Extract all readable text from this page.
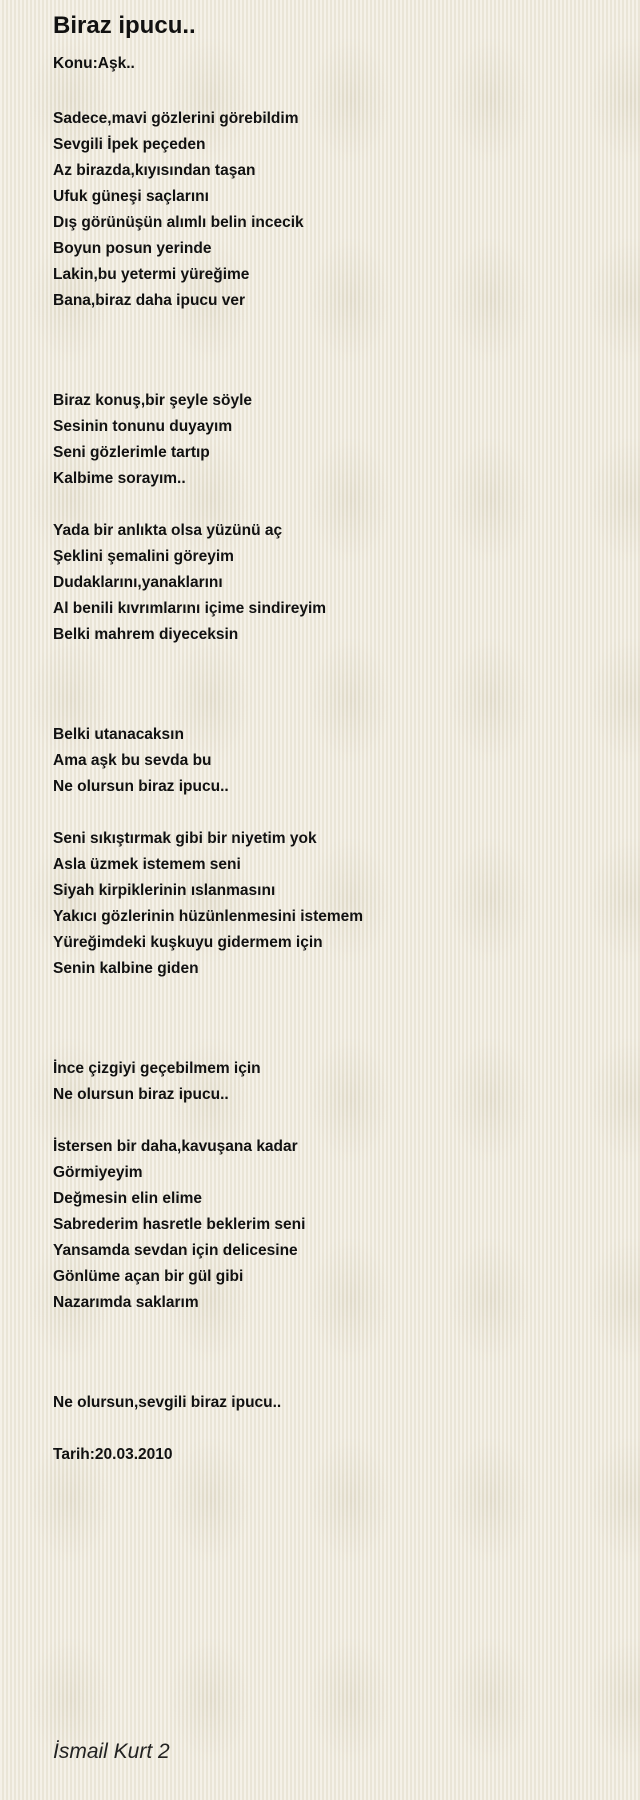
Biraz ipucu..
Konu:Aşk..
Sadece,mavi gözlerini görebildim
Sevgili İpek peçeden
Az birazda,kıyısından taşan
Ufuk güneşi saçlarını
Dış görünüşün alımlı belin incecik
Boyun posun yerinde
Lakin,bu yetermi yüreğime
Bana,biraz daha ipucu ver
Biraz konuş,bir şeyle söyle
Sesinin tonunu duyayım
Seni gözlerimle tartıp
Kalbime sorayım..
Yada bir anlıkta olsa yüzünü aç
Şeklini şemalini göreyim
Dudaklarını,yanaklarını
Al benili kıvrımlarını içime sindireyim
Belki mahrem diyeceksin
Belki utanacaksın
Ama aşk bu sevda bu
Ne olursun biraz ipucu..
Seni sıkıştırmak gibi bir niyetim yok
Asla üzmek istemem seni
Siyah kirpiklerinin ıslanmasını
Yakıcı gözlerinin hüzünlenmesini istemem
Yüreğimdeki kuşkuyu gidermem için
Senin kalbine giden
İnce çizgiyi geçebilmem için
Ne olursun biraz ipucu..
İstersen bir daha,kavuşana kadar
Görmiyeyim
Değmesin elin elime
Sabrederim hasretle beklerim seni
Yansamda sevdan için delicesine
Gönlüme açan bir gül gibi
Nazarımda saklarım
Ne olursun,sevgili biraz ipucu..
Tarih:20.03.2010
İsmail Kurt 2
